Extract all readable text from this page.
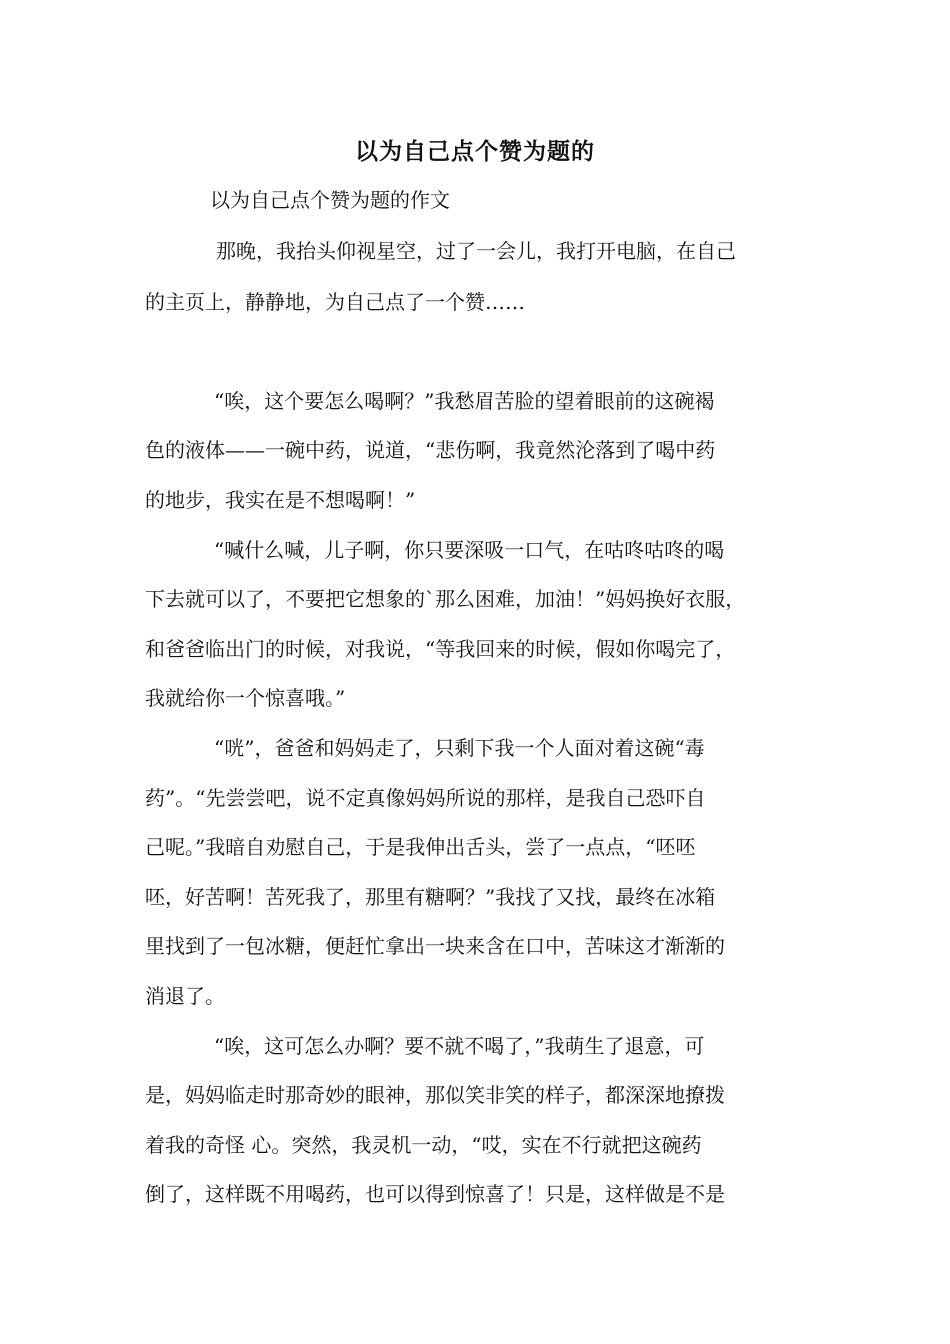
以为自己点个赞为题的
以为自己点个赞为题的作文
那晚，我抬头仰视星空，过了一会儿，我打开电脑，在自己
的主页上，静静地，为自己点了一个赞……
“唉，这个要怎么喝啊？”我愁眉苦脸的望着眼前的这碗褐
色的液体——一碗中药，说道，“悲伤啊，我竟然沦落到了喝中药
的地步，我实在是不想喝啊！”
“喊什么喊，儿子啊，你只要深吸一口气，在咕咚咕咚的喝
下去就可以了，不要把它想象的`那么困难，加油！”妈妈换好衣服，
和爸爸临出门的时候，对我说，“等我回来的时候，假如你喝完了，
我就给你一个惊喜哦。”
“咣”，爸爸和妈妈走了，只剩下我一个人面对着这碗“毒
药”。“先尝尝吧，说不定真像妈妈所说的那样，是我自己恐吓自
己呢。”我暗自劝慰自己，于是我伸出舌头，尝了一点点，“呸呸
呸，好苦啊！苦死我了，那里有糖啊？”我找了又找，最终在冰箱
里找到了一包冰糖，便赶忙拿出一块来含在口中，苦味这才渐渐的
消退了。
“唉，这可怎么办啊？要不就不喝了，”我萌生了退意，可
是，妈妈临走时那奇妙的眼神，那似笑非笑的样子，都深深地撩拨
着我的奇怪 心。突然，我灵机一动，“哎，实在不行就把这碗药
倒了，这样既不用喝药，也可以得到惊喜了！只是，这样做是不是
